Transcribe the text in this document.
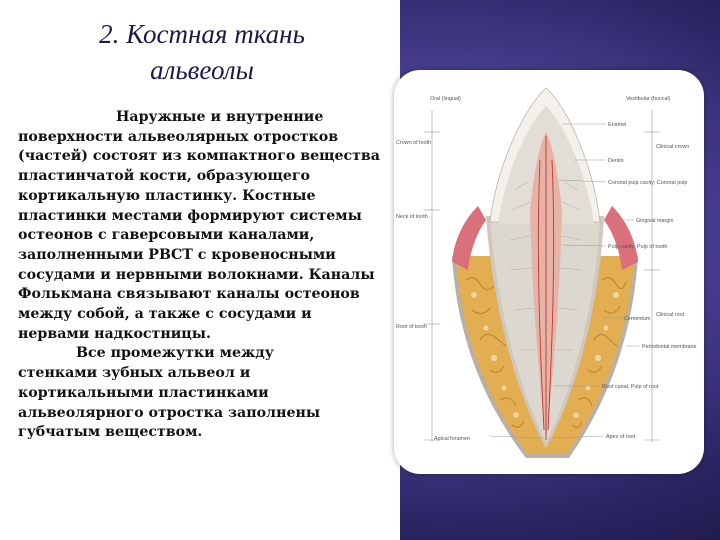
2. Костная ткань
альвеолы
Наружные и внутренние
поверхности альвеолярных отростков (частей) состоят из компактного вещества пластинчатой кости, образующего кортикальную пластинку. Костные пластинки местами формируют системы остеонов с гаверсовыми каналами, заполненными РВСТ с кровеносными сосудами и нервными волокнами. Каналы Фолькмана связывают каналы остеонов между собой, а также с сосудами и нервами надкостницы.
Все промежутки между
стенками зубных альвеол и кортикальными пластинками альвеолярного отростка заполнены губчатым веществом.
Oral (lingual)	Vestibular (buccal)
Enamel
Crown of tooth
Dentin
Clinical crown
Coronal pulp cavity; Coronal pulp
Neck of tooth
Gingival margin
Pulp cavity; Pulp of tooth
Root of tooth
Cementum
Clinical root
Periodontal membrane
Root canal; Pulp of root
Apical foramen	Apex of root
